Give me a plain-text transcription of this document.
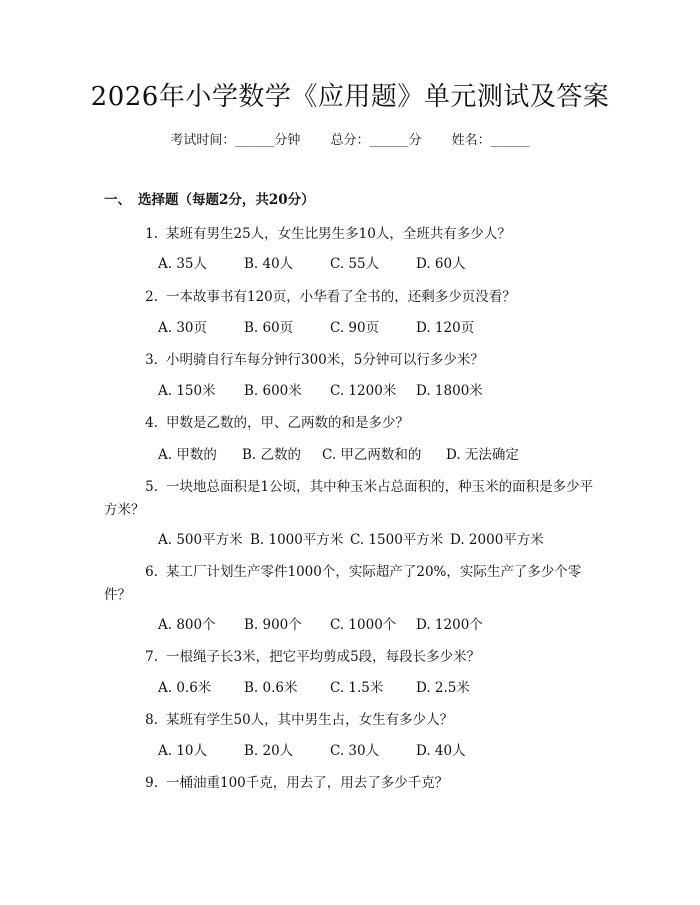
2026年小学数学《应用题》单元测试及答案
考试时间：______分钟 总分：______分 姓名：______
一、 选择题（每题2分，共20分）
1. 某班有男生25人，女生比男生多10人，全班共有多少人？
A. 35人	B. 40人	C. 55人	D. 60人
2. 一本故事书有120页，小华看了全书的，还剩多少页没看？
A. 30页	B. 60页	C. 90页	D. 120页
3. 小明骑自行车每分钟行300米，5分钟可以行多少米？
A. 150米 B. 600米 C. 1200米 D. 1800米
4. 甲数是乙数的，甲、乙两数的和是多少？
A. 甲数的 B. 乙数的 C. 甲乙两数和的 D. 无法确定
5. 一块地总面积是1公顷，其中种玉米占总面积的，种玉米的面积是多少平方米？
A. 500平方米 B. 1000平方米 C. 1500平方米 D. 2000平方米
6. 某工厂计划生产零件1000个，实际超产了20%，实际生产了多少个零件？
A. 800个 B. 900个 C. 1000个 D. 1200个
7. 一根绳子长3米，把它平均剪成5段，每段长多少米？
A. 0.6米 B. 0.6米 C. 1.5米 D. 2.5米
8. 某班有学生50人，其中男生占，女生有多少人？
A. 10人	B. 20人	C. 30人	D. 40人
9. 一桶油重100千克，用去了，用去了多少千克？
